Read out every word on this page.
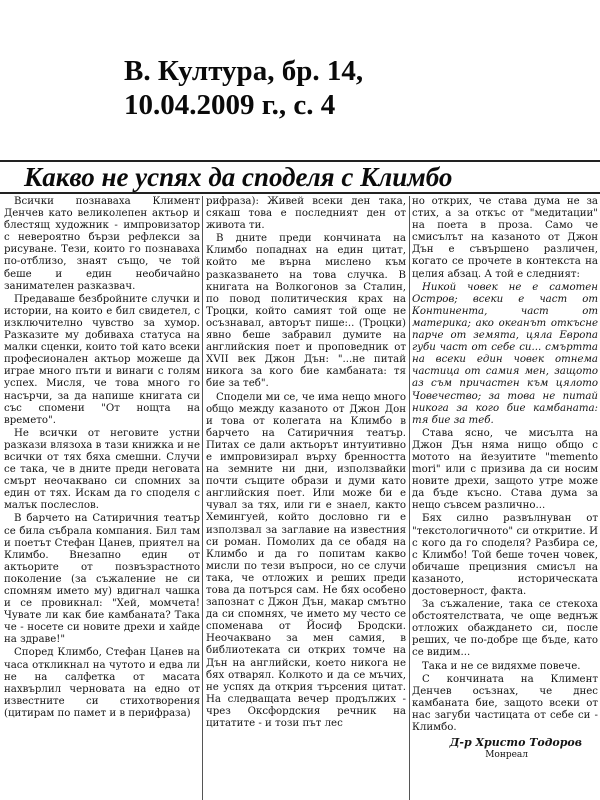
В. Култура, бр. 14,
10.04.2009 г., с. 4
Какво не успях да споделя с Климбо

Всички познаваха Климент Денчев като великолепен актьор и блестящ художник - импровизатор с невероятно бързи рефлекси за рисуване. Тези, които го познаваха по-отблизо, знаят също, че той беше и един необичайно занимателен разказвач.

Предаваше безбройните случки и истории, на които е бил свидетел, с изключително чувство за хумор. Разказите му добиваха статуса на малки сценки, които той като всеки професионален актьор можеше да играе много пъти и винаги с голям успех. Мисля, че това много го насърчи, за да напише книгата си със спомени "От нощта на времето".

Не всички от неговите устни разкази влязоха в тази книжка и не всички от тях бяха смешни. Случи се така, че в дните преди неговата смърт неочаквано си спомних за един от тях. Искам да го споделя с малък послеслов.

В барчето на Сатиричния театър се била събрала компания. Бил там и поетът Стефан Цанев, приятел на Климбо. Внезапно един от актьорите от позвъзрастното поколение (за съжаление не си спомням името му) вдигнал чашка и се провикнал: "Хей, момчета! Чувате ли как бие камбаната? Така че - носете си новите дрехи и хайде на здраве!"

Според Климбо, Стефан Цанев на часа откликнал на чутото и едва ли не на салфетка от масата нахвърлил черновата на едно от известните си стихотворения (цитирам по памет и в перифраза)

рифраза): Живей всеки ден така, сякаш това е последният ден от живота ти.

В дните преди кончината на Климбо попаднах на един цитат, който ме върна мислено към разказването на това случка. В книгата на Волкогонов за Сталин, по повод политическия крах на Троцки, който самият той още не осъзнавал, авторът пише:.. (Троцки) явно беше забравил думите на английския поет и проповедник от XVII век Джон Дън: "...не питай никога за кого бие камбаната: тя бие за теб".

Сподели ми се, че има нещо много общо между казаното от Джон Дон и това от колегата на Климбо в барчето на Сатиричния театър. Питах се дали актьорът интуитивно е импровизирал върху бренността на земните ни дни, използвайки почти същите образи и думи като английския поет. Или може би е чувал за тях, или ги е знаел, както Хемингуей, който дословно ги е използвал за заглавие на известния си роман. Помолих да се обадя на Климбо и да го попитам какво мисли по тези въпроси, но се случи така, че отложих и реших преди това да потърся сам. Не бях особено запознат с Джон Дън, макар смътно да си спомнях, че името му често се споменава от Йосиф Бродски. Неочаквано за мен самия, в библиотеката си открих томче на Дън на английски, което никога не бях отварял. Колкото и да се мъчих, не успях да открия търсения цитат. На следващата вечер продължих - чрез Оксфордския речник на цитатите - и този път лес

но открих, че става дума не за стих, а за откъс от "медитации" на поета в проза. Само че смисълът на казаното от Джон Дън е съвършено различен, когато се прочете в контекста на целия абзац. А той е следният:

Никой човек не е самотен Остров; всеки е част от Континента, част от материка; ако океанът откъсне парче от земята, цяла Европа губи част от себе си... смъртта на всеки един човек отнема частица от самия мен, защото аз съм причастен към цялото Човечество; за това не питай никога за кого бие камбаната: тя бие за теб.

Става ясно, че мисълта на Джон Дън няма нищо общо с мотото на йезуитите "memento mori" или с призива да си носим новите дрехи, защото утре може да бъде късно. Става дума за нещо съвсем различно...

Бях силно развълнуван от "текстологичното" си откритие. И с кого да го споделя? Разбира се, с Климбо! Той беше точен човек, обичаше прецизния смисъл на казаното, историческата достоверност, факта.

За съжаление, така се стекоха обстоятелствата, че още веднъж отложих обаждането си, после реших, че по-добре ще бъде, като се видим...

Така и не се видяхме повече.

С кончината на Климент Денчев осъзнах, че днес камбаната бие, защото всеки от нас загуби частицата от себе си - Климбо.

Д-р Христо Тодоров
Монреал
